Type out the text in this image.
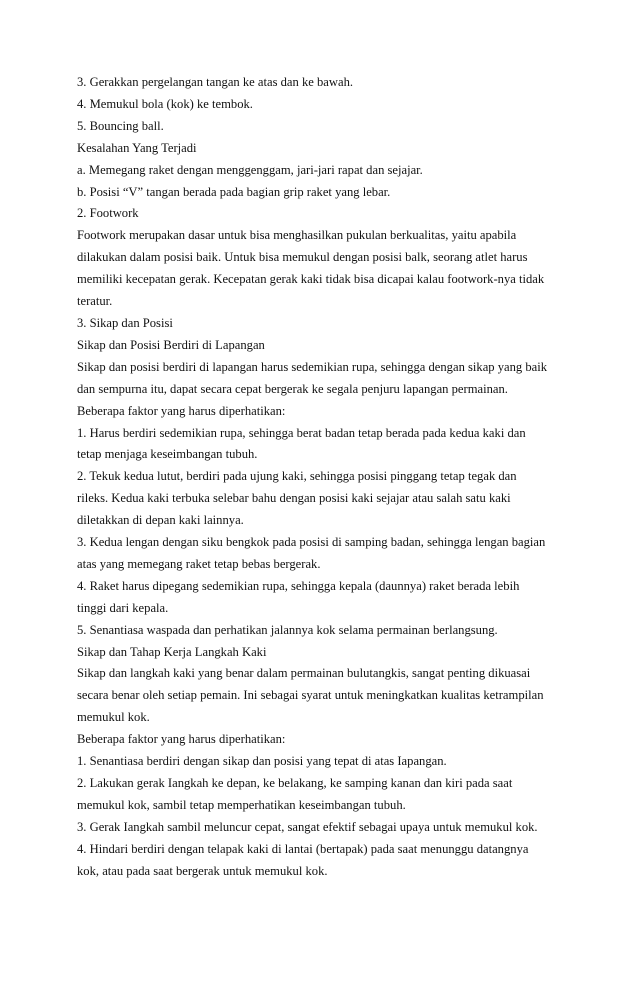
3. Gerakkan pergelangan tangan ke atas dan ke bawah.

4. Memukul bola (kok) ke tembok.

5. Bouncing ball.

Kesalahan Yang Terjadi

a. Memegang raket dengan menggenggam, jari-jari rapat dan sejajar.

b. Posisi “V” tangan berada pada bagian grip raket yang lebar.

2. Footwork

Footwork merupakan dasar untuk bisa menghasilkan pukulan berkualitas, yaitu apabila

dilakukan dalam posisi baik. Untuk bisa memukul dengan posisi balk, seorang atlet harus

memiliki kecepatan gerak. Kecepatan gerak kaki tidak bisa dicapai kalau footwork-nya tidak

teratur.

3. Sikap dan Posisi

Sikap dan Posisi Berdiri di Lapangan

Sikap dan posisi berdiri di lapangan harus sedemikian rupa, sehingga dengan sikap yang baik

dan sempurna itu, dapat secara cepat bergerak ke segala penjuru lapangan permainan.

Beberapa faktor yang harus diperhatikan:

1. Harus berdiri sedemikian rupa, sehingga berat badan tetap berada pada kedua kaki dan

tetap menjaga keseimbangan tubuh.

2. Tekuk kedua lutut, berdiri pada ujung kaki, sehingga posisi pinggang tetap tegak dan

rileks. Kedua kaki terbuka selebar bahu dengan posisi kaki sejajar atau salah satu kaki

diletakkan di depan kaki lainnya.

3. Kedua lengan dengan siku bengkok pada posisi di samping badan, sehingga lengan bagian

atas yang memegang raket tetap bebas bergerak.

4. Raket harus dipegang sedemikian rupa, sehingga kepala (daunnya) raket berada lebih

tinggi dari kepala.

5. Senantiasa waspada dan perhatikan jalannya kok selama permainan berlangsung.

Sikap dan Tahap Kerja Langkah Kaki

Sikap dan langkah kaki yang benar dalam permainan bulutangkis, sangat penting dikuasai

secara benar oleh setiap pemain. Ini sebagai syarat untuk meningkatkan kualitas ketrampilan

memukul kok.

Beberapa faktor yang harus diperhatikan:

1. Senantiasa berdiri dengan sikap dan posisi yang tepat di atas Iapangan.

2. Lakukan gerak Iangkah ke depan, ke belakang, ke samping kanan dan kiri pada saat

memukul kok, sambil tetap memperhatikan keseimbangan tubuh.

3. Gerak Iangkah sambil meluncur cepat, sangat efektif sebagai upaya untuk memukul kok.

4. Hindari berdiri dengan telapak kaki di lantai (bertapak) pada saat menunggu datangnya

kok, atau pada saat bergerak untuk memukul kok.
